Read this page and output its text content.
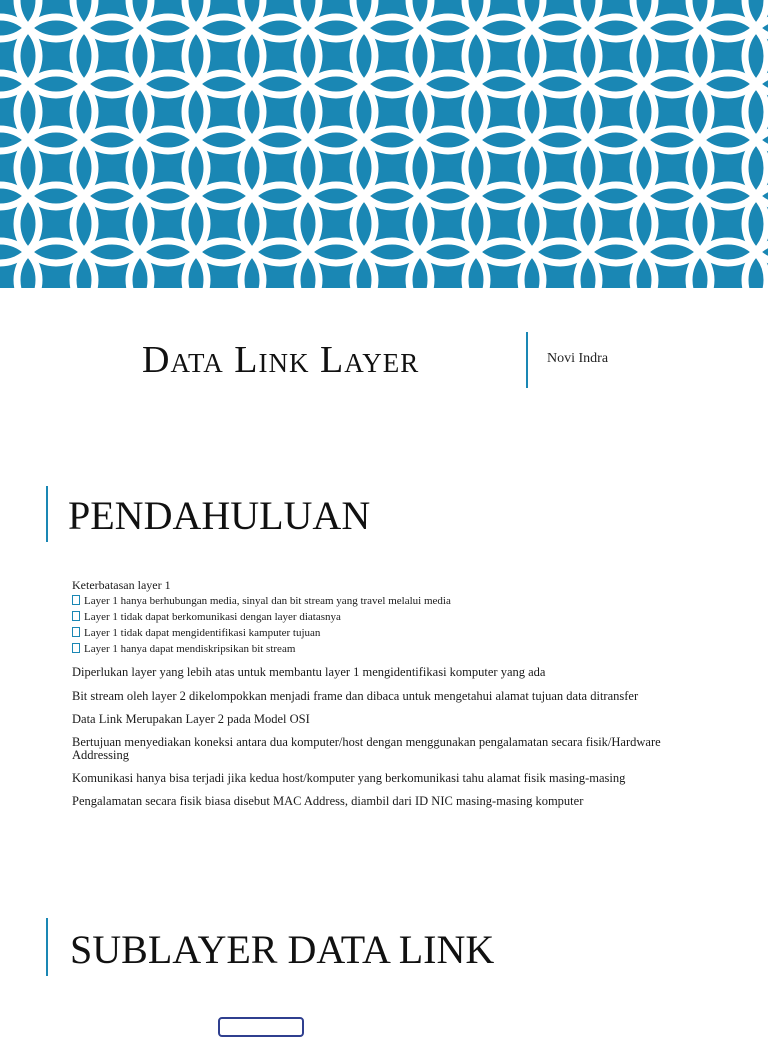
Data Link Layer	Novi Indra
PENDAHULUAN

Keterbatasan layer 1

Layer 1 hanya berhubungan media, sinyal dan bit stream yang travel melalui media
Layer 1 tidak dapat berkomunikasi dengan layer diatasnya
Layer 1 tidak dapat mengidentifikasi kamputer tujuan
Layer 1 hanya dapat mendiskripsikan bit stream

Diperlukan layer yang lebih atas untuk membantu layer 1 mengidentifikasi komputer yang ada

Bit stream oleh layer 2 dikelompokkan menjadi frame dan dibaca untuk mengetahui alamat tujuan data ditransfer

Data Link Merupakan Layer 2 pada Model OSI

Bertujuan menyediakan koneksi antara dua komputer/host dengan menggunakan pengalamatan secara fisik/Hardware Addressing

Komunikasi hanya bisa terjadi jika kedua host/komputer yang berkomunikasi tahu alamat fisik masing-masing

Pengalamatan secara fisik biasa disebut MAC Address, diambil dari ID NIC masing-masing komputer

SUBLAYER DATA LINK
